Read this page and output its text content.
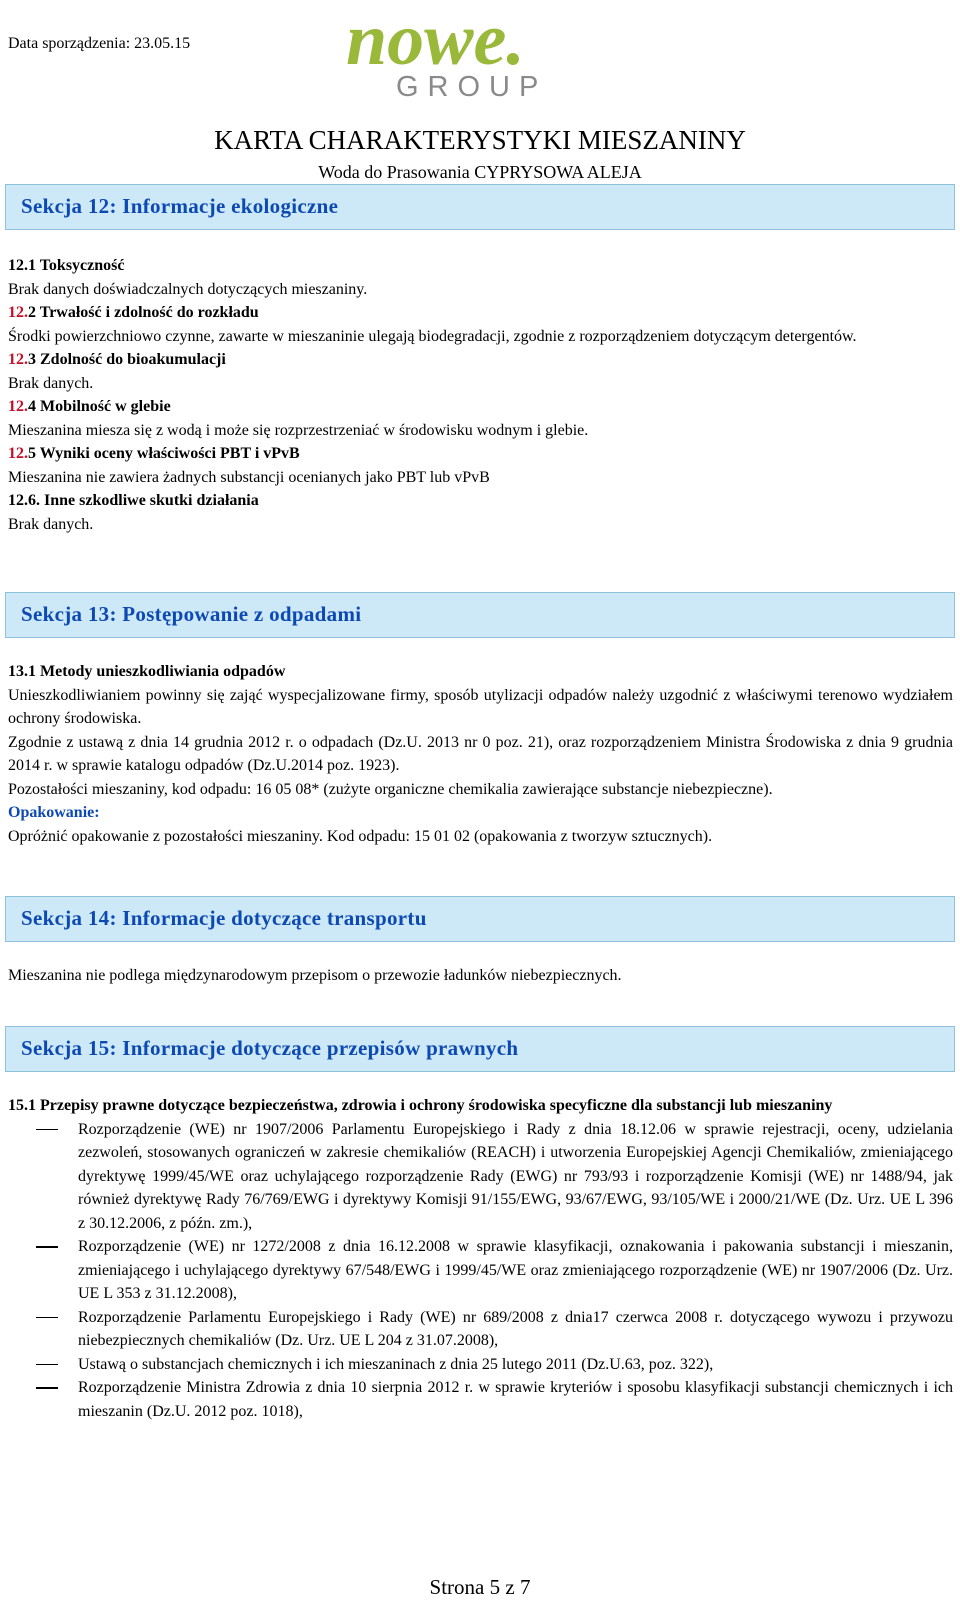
Data sporządzenia: 23.05.15 nowe.
GROUP
KARTA CHARAKTERYSTYKI MIESZANINY
Woda do Prasowania CYPRYSOWA ALEJA
Sekcja 12: Informacje ekologiczne
12.1 Toksyczność
Brak danych doświadczalnych dotyczących mieszaniny.
12.2 Trwałość i zdolność do rozkładu

Środki powierzchniowo czynne, zawarte w mieszaninie ulegają biodegradacji, zgodnie z rozporządzeniem dotyczącym detergentów.

12.3 Zdolność do bioakumulacji
Brak danych.
12.4 Mobilność w glebie
Mieszanina miesza się z wodą i może się rozprzestrzeniać w środowisku wodnym i glebie.
12.5 Wyniki oceny właściwości PBT i vPvB
Mieszanina nie zawiera żadnych substancji ocenianych jako PBT lub vPvB
12.6. Inne szkodliwe skutki działania
Brak danych.
Sekcja 13: Postępowanie z odpadami
13.1 Metody unieszkodliwiania odpadów

Unieszkodliwianiem powinny się zająć wyspecjalizowane firmy, sposób utylizacji odpadów należy uzgodnić z właściwymi terenowo wydziałem ochrony środowiska.

Zgodnie z ustawą z dnia 14 grudnia 2012 r. o odpadach (Dz.U. 2013 nr 0 poz. 21), oraz rozporządzeniem Ministra Środowiska z dnia 9 grudnia 2014 r. w sprawie katalogu odpadów (Dz.U.2014 poz. 1923).

Pozostałości mieszaniny, kod odpadu: 16 05 08* (zużyte organiczne chemikalia zawierające substancje niebezpieczne).

Opakowanie:
Opróżnić opakowanie z pozostałości mieszaniny. Kod odpadu: 15 01 02 (opakowania z tworzyw sztucznych).
Sekcja 14: Informacje dotyczące transportu
Mieszanina nie podlega międzynarodowym przepisom o przewozie ładunków niebezpiecznych.
Sekcja 15: Informacje dotyczące przepisów prawnych

15.1 Przepisy prawne dotyczące bezpieczeństwa, zdrowia i ochrony środowiska specyficzne dla substancji lub mieszaniny

Rozporządzenie (WE) nr 1907/2006 Parlamentu Europejskiego i Rady z dnia 18.12.06 w sprawie rejestracji, oceny, udzielania zezwoleń, stosowanych ograniczeń w zakresie chemikaliów (REACH) i utworzenia Europejskiej Agencji Chemikaliów, zmieniającego dyrektywę 1999/45/WE oraz uchylającego rozporządzenie Rady (EWG) nr 793/93 i rozporządzenie Komisji (WE) nr 1488/94, jak również dyrektywę Rady 76/769/EWG i dyrektywy Komisji 91/155/EWG, 93/67/EWG, 93/105/WE i 2000/21/WE (Dz. Urz. UE L 396 z 30.12.2006, z późn. zm.),
Rozporządzenie (WE) nr 1272/2008 z dnia 16.12.2008 w sprawie klasyfikacji, oznakowania i pakowania substancji i mieszanin, zmieniającego i uchylającego dyrektywy 67/548/EWG i 1999/45/WE oraz zmieniającego rozporządzenie (WE) nr 1907/2006 (Dz. Urz. UE L 353 z 31.12.2008),
Rozporządzenie Parlamentu Europejskiego i Rady (WE) nr 689/2008 z dnia17 czerwca 2008 r. dotyczącego wywozu i przywozu niebezpiecznych chemikaliów (Dz. Urz. UE L 204 z 31.07.2008),
Ustawą o substancjach chemicznych i ich mieszaninach z dnia 25 lutego 2011 (Dz.U.63, poz. 322),
Rozporządzenie Ministra Zdrowia z dnia 10 sierpnia 2012 r. w sprawie kryteriów i sposobu klasyfikacji substancji chemicznych i ich mieszanin (Dz.U. 2012 poz. 1018),
Strona 5 z 7
